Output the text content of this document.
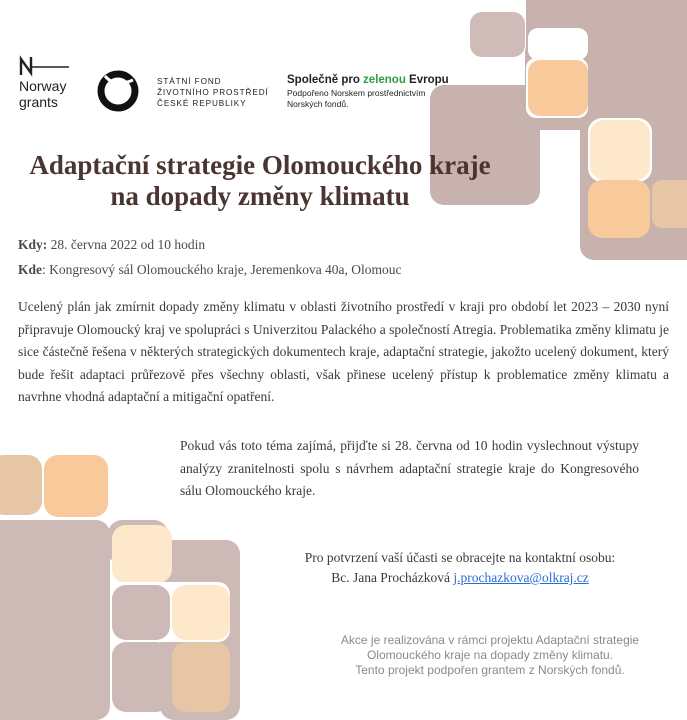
Norway
grants
STÁTNÍ FOND
ŽIVOTNÍHO PROSTŘEDÍ
ČESKÉ REPUBLIKY
Společně pro zelenou Evropu
Podpořeno Norskem prostřednictvím
Norských fondů.
Adaptační strategie Olomouckého kraje
na dopady změny klimatu
Kdy: 28. června 2022 od 10 hodin
Kde: Kongresový sál Olomouckého kraje, Jeremenkova 40a, Olomouc
Ucelený plán jak zmírnit dopady změny klimatu v oblasti životního prostředí v kraji pro období let 2023 – 2030 nyní připravuje Olomoucký kraj ve spolupráci s Univerzitou Palackého a společností Atregia. Problematika změny klimatu je sice částečně řešena v některých strategických dokumentech kraje, adaptační strategie, jakožto ucelený dokument, který bude řešit adaptaci průřezově přes všechny oblasti, však přinese ucelený přístup k problematice změny klimatu a navrhne vhodná adaptační a mitigační opatření.
Pokud vás toto téma zajímá, přijďte si 28. června od 10 hodin vyslechnout výstupy analýzy zranitelnosti spolu s návrhem adaptační strategie kraje do Kongresového sálu Olomouckého kraje.
Pro potvrzení vaší účasti se obracejte na kontaktní osobu:
Bc. Jana Procházková j.prochazkova@olkraj.cz
Akce je realizována v rámci projektu Adaptační strategie
Olomouckého kraje na dopady změny klimatu.
Tento projekt podpořen grantem z Norských fondů.
